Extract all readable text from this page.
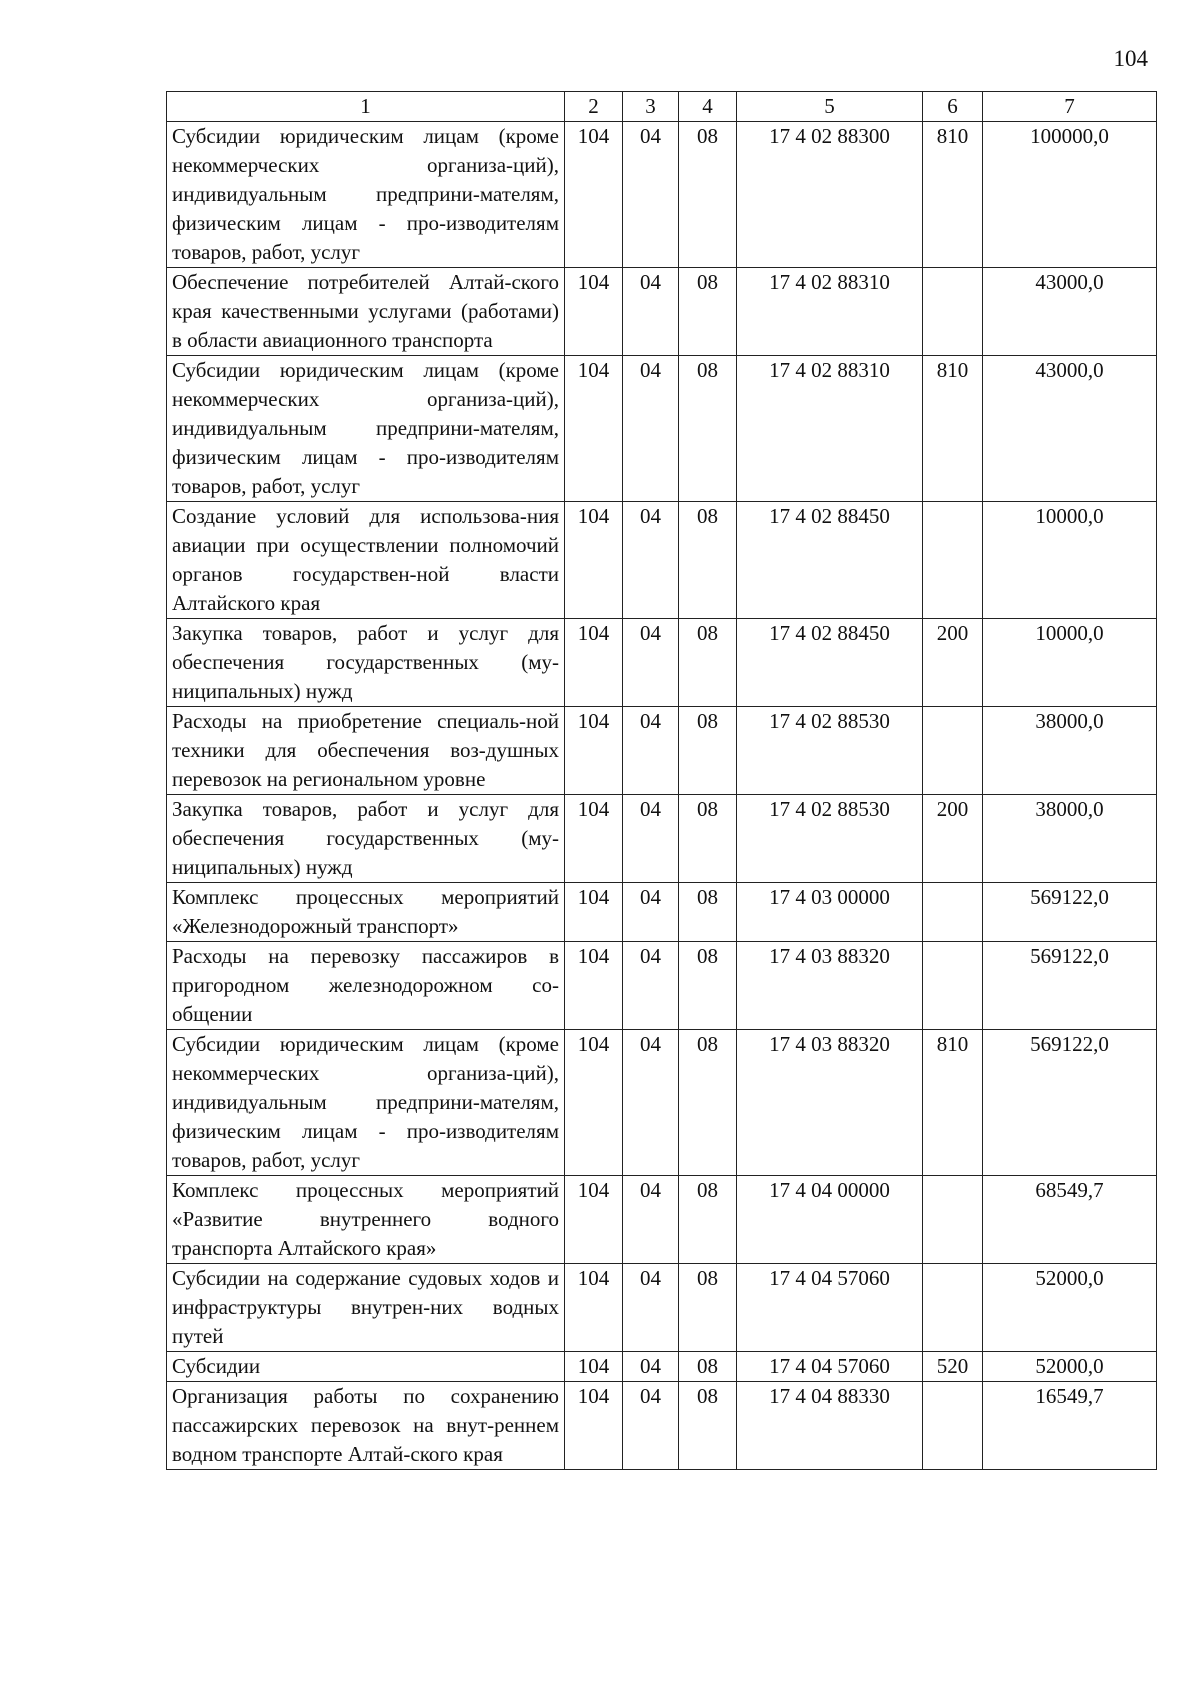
104
1	2	3	4	5	6	7
Субсидии юридическим лицам (кроме некоммерческих организа-ций), индивидуальным предприни-мателям, физическим лицам - про-изводителям товаров, работ, услуг	104	04	08	17 4 02 88300	810	100000,0
Обеспечение потребителей Алтай-ского края качественными услугами (работами) в области авиационного транспорта	104	04	08	17 4 02 88310		43000,0
Субсидии юридическим лицам (кроме некоммерческих организа-ций), индивидуальным предприни-мателям, физическим лицам - про-изводителям товаров, работ, услуг	104	04	08	17 4 02 88310	810	43000,0
Создание условий для использова-ния авиации при осуществлении полномочий органов государствен-ной власти Алтайского края	104	04	08	17 4 02 88450		10000,0
Закупка товаров, работ и услуг для обеспечения государственных (му-ниципальных) нужд	104	04	08	17 4 02 88450	200	10000,0
Расходы на приобретение специаль-ной техники для обеспечения воз-душных перевозок на региональном уровне	104	04	08	17 4 02 88530		38000,0
Закупка товаров, работ и услуг для обеспечения государственных (му-ниципальных) нужд	104	04	08	17 4 02 88530	200	38000,0
Комплекс процессных мероприятий «Железнодорожный транспорт»	104	04	08	17 4 03 00000		569122,0
Расходы на перевозку пассажиров в пригородном железнодорожном со-общении	104	04	08	17 4 03 88320		569122,0
Субсидии юридическим лицам (кроме некоммерческих организа-ций), индивидуальным предприни-мателям, физическим лицам - про-изводителям товаров, работ, услуг	104	04	08	17 4 03 88320	810	569122,0
Комплекс процессных мероприятий «Развитие внутреннего водного транспорта Алтайского края»	104	04	08	17 4 04 00000		68549,7
Субсидии на содержание судовых ходов и инфраструктуры внутрен-них водных путей	104	04	08	17 4 04 57060		52000,0
Субсидии	104	04	08	17 4 04 57060	520	52000,0
Организация работы по сохранению пассажирских перевозок на внут-реннем водном транспорте Алтай-ского края	104	04	08	17 4 04 88330		16549,7
